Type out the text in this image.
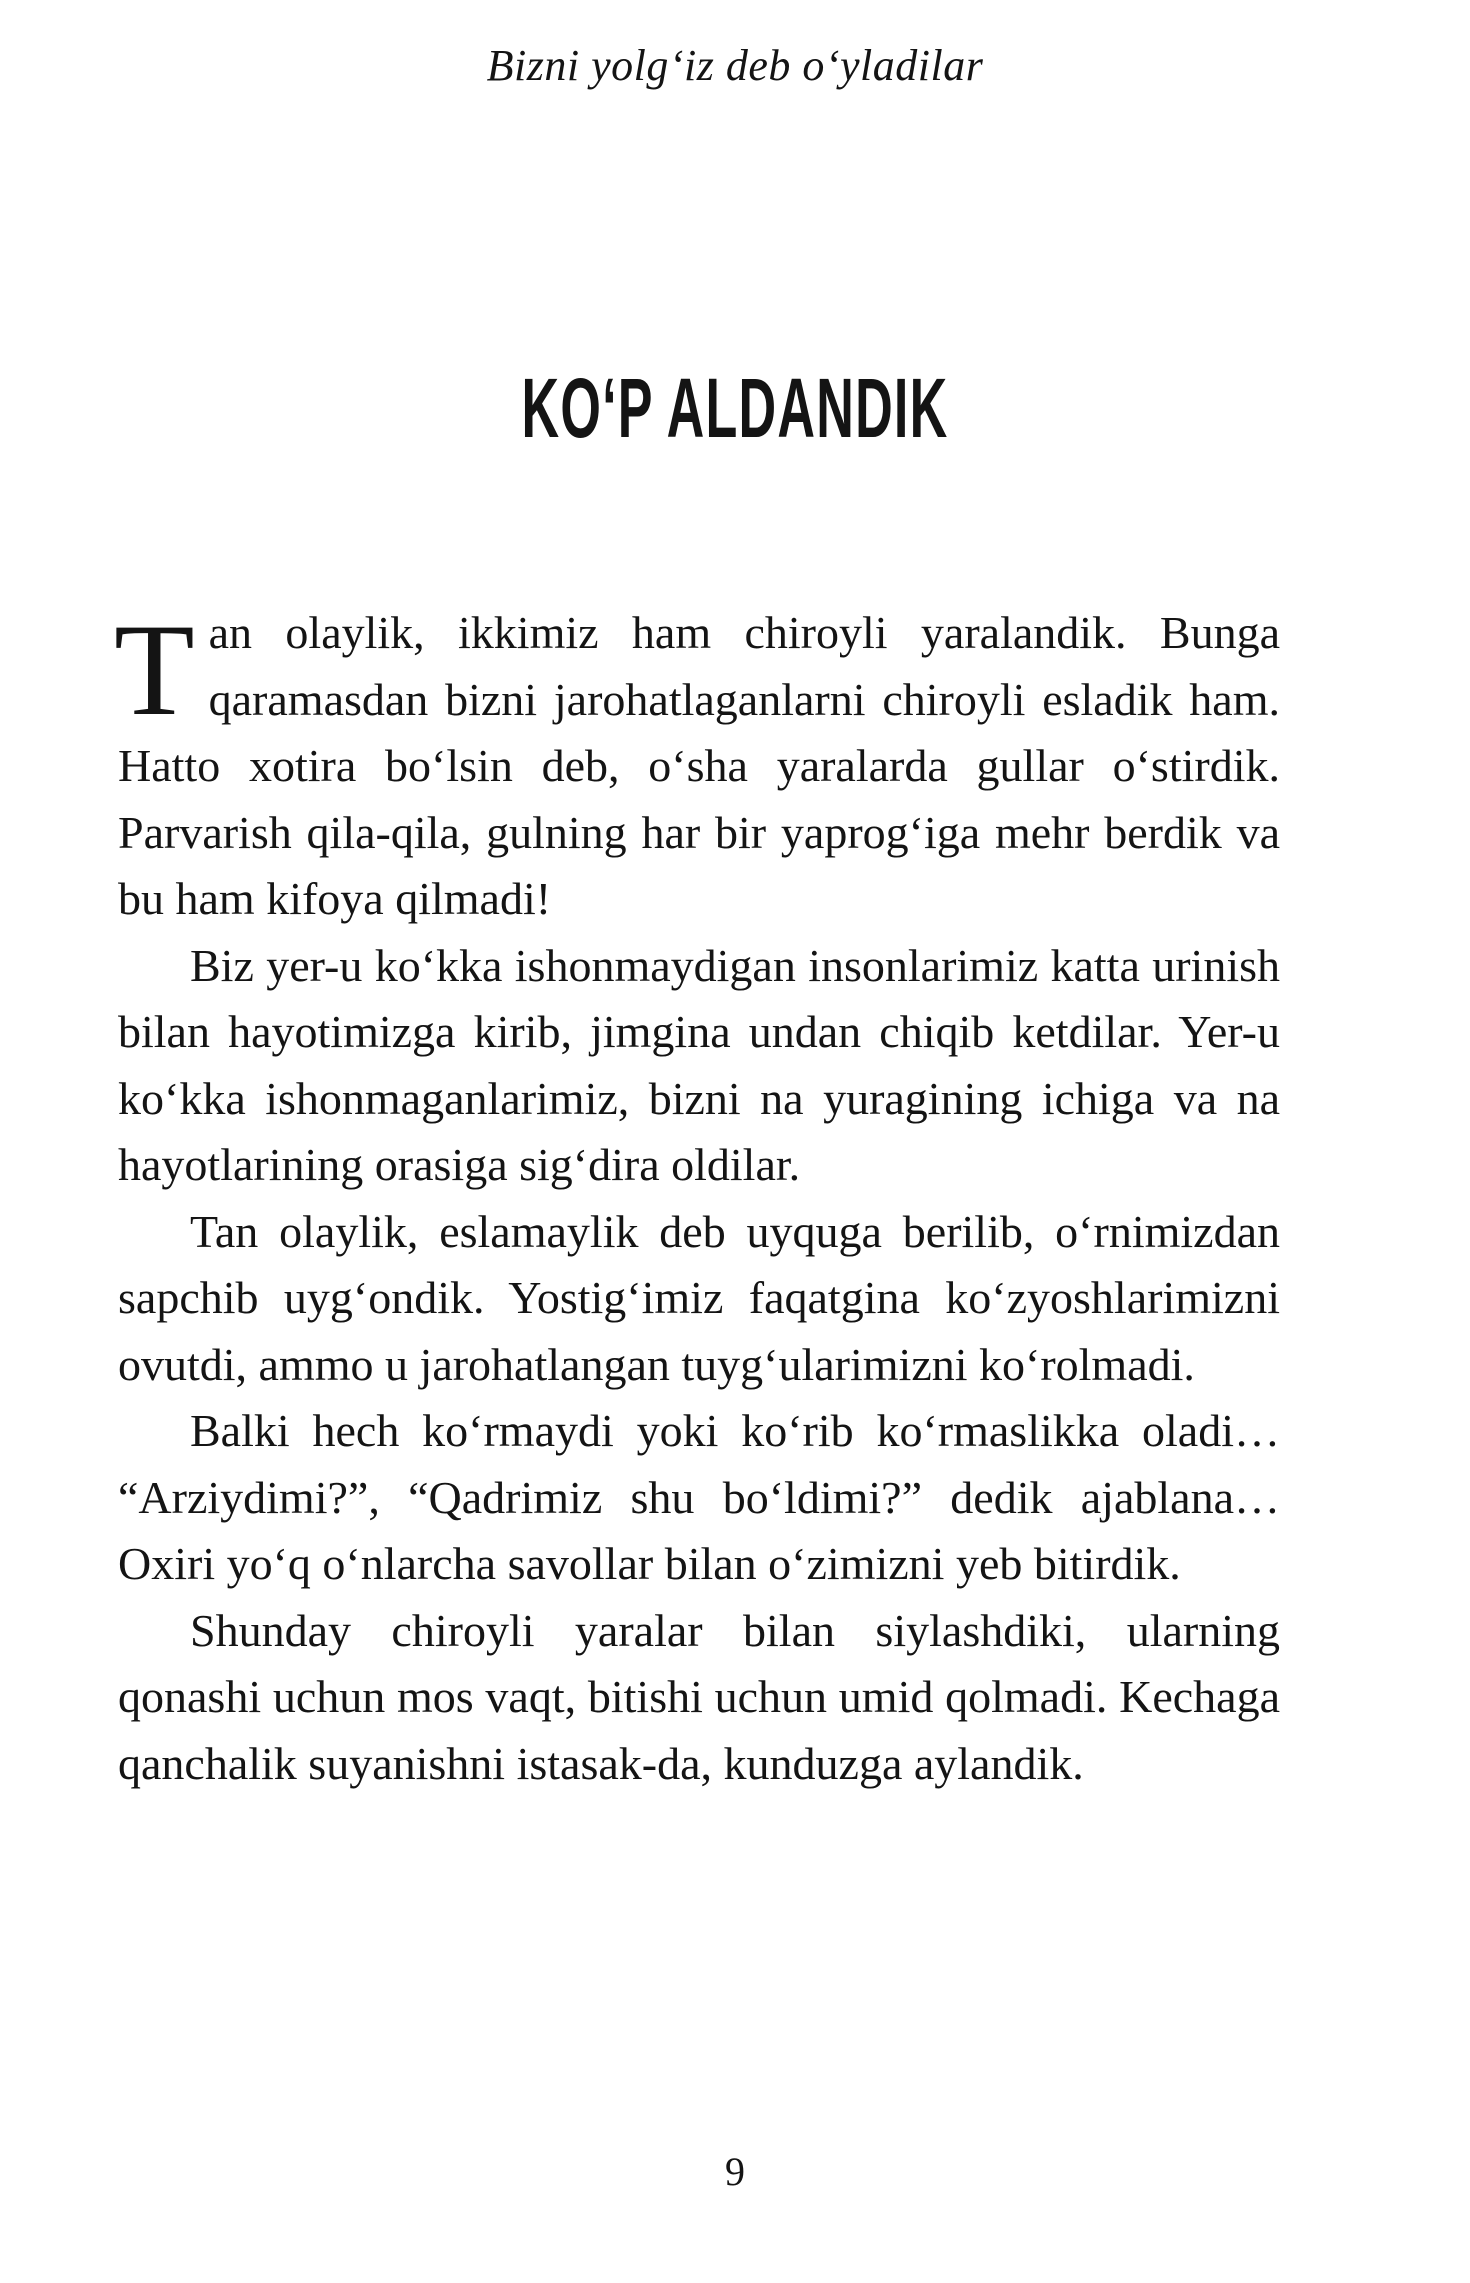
Bizni yolg‘iz deb o‘yladilar
KO‘P ALDANDIK

Tan olaylik, ikkimiz ham chiroyli yaralandik. Bunga qaramasdan bizni jarohatlaganlarni chiroyli esladik ham. Hatto xotira bo‘lsin deb, o‘sha yaralarda gullar o‘stirdik. Parvarish qila-qila, gulning har bir yaprog‘iga mehr berdik va bu ham kifoya qilmadi!

Biz yer-u ko‘kka ishonmaydigan insonlarimiz katta urinish bilan hayotimizga kirib, jimgina undan chiqib ketdilar. Yer-u ko‘kka ishonmaganlarimiz, bizni na yuragining ichiga va na hayotlarining orasiga sig‘dira oldilar.

Tan olaylik, eslamaylik deb uyquga berilib, o‘rnimizdan sapchib uyg‘ondik. Yostig‘imiz faqatgina ko‘zyoshlarimizni ovutdi, ammo u jarohatlangan tuyg‘ularimizni ko‘rolmadi.

Balki hech ko‘rmaydi yoki ko‘rib ko‘rmaslikka oladi… “Arziydimi?”, “Qadrimiz shu bo‘ldimi?” dedik ajablana… Oxiri yo‘q o‘nlarcha savollar bilan o‘zimizni yeb bitirdik.

Shunday chiroyli yaralar bilan siylashdiki, ularning qonashi uchun mos vaqt, bitishi uchun umid qolmadi. Kechaga qanchalik suyanishni istasak-da, kunduzga aylandik.

9
